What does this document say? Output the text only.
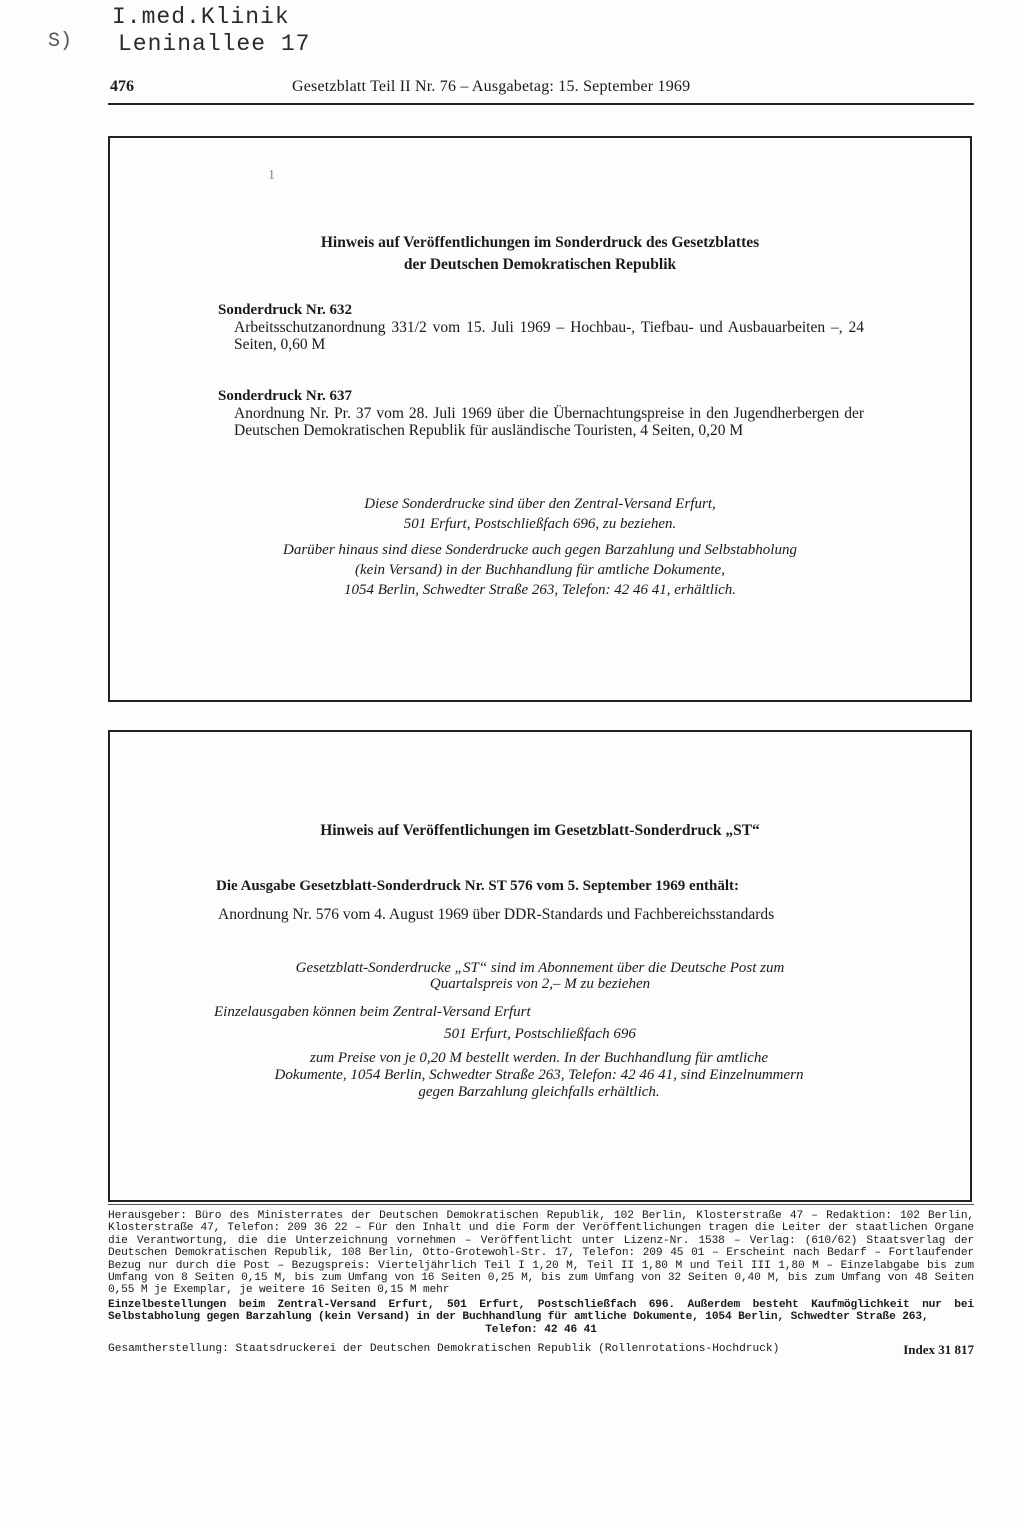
I.med.Klinik
Leninallee 17
S)
476	Gesetzblatt Teil II Nr. 76 – Ausgabetag: 15. September 1969
1
Hinweis auf Veröffentlichungen im Sonderdruck des Gesetzblattes
der Deutschen Demokratischen Republik
Sonderdruck Nr. 632
Arbeitsschutzanordnung 331/2 vom 15. Juli 1969 – Hochbau-, Tiefbau- und Ausbauarbeiten –, 24 Seiten, 0,60 M
Sonderdruck Nr. 637
Anordnung Nr. Pr. 37 vom 28. Juli 1969 über die Übernachtungspreise in den Jugendherbergen der Deutschen Demokratischen Republik für ausländische Touristen, 4 Seiten, 0,20 M
Diese Sonderdrucke sind über den Zentral-Versand Erfurt,
501 Erfurt, Postschließfach 696, zu beziehen.
Darüber hinaus sind diese Sonderdrucke auch gegen Barzahlung und Selbstabholung
(kein Versand) in der Buchhandlung für amtliche Dokumente,
1054 Berlin, Schwedter Straße 263, Telefon: 42 46 41, erhältlich.
Hinweis auf Veröffentlichungen im Gesetzblatt-Sonderdruck „ST“
Die Ausgabe Gesetzblatt-Sonderdruck Nr. ST 576 vom 5. September 1969 enthält:
Anordnung Nr. 576 vom 4. August 1969 über DDR-Standards und Fachbereichsstandards
Gesetzblatt-Sonderdrucke „ST“ sind im Abonnement über die Deutsche Post zum
Quartalspreis von 2,– M zu beziehen
Einzelausgaben können beim Zentral-Versand Erfurt
501 Erfurt, Postschließfach 696
zum Preise von je 0,20 M bestellt werden. In der Buchhandlung für amtliche
Dokumente, 1054 Berlin, Schwedter Straße 263, Telefon: 42 46 41, sind Einzelnummern
gegen Barzahlung gleichfalls erhältlich.

Herausgeber: Büro des Ministerrates der Deutschen Demokratischen Republik, 102 Berlin, Klosterstraße 47 – Redaktion: 102 Berlin, Klosterstraße 47, Telefon: 209 36 22 – Für den Inhalt und die Form der Veröffentlichungen tragen die Leiter der staatlichen Organe die Verantwortung, die die Unterzeichnung vornehmen – Veröffentlicht unter Lizenz-Nr. 1538 – Verlag: (610/62) Staatsverlag der Deutschen Demokratischen Republik, 108 Berlin, Otto-Grotewohl-Str. 17, Telefon: 209 45 01 – Erscheint nach Bedarf – Fortlaufender Bezug nur durch die Post – Bezugspreis: Vierteljährlich Teil I 1,20 M, Teil II 1,80 M und Teil III 1,80 M – Einzelabgabe bis zum Umfang von 8 Seiten 0,15 M, bis zum Umfang von 16 Seiten 0,25 M, bis zum Umfang von 32 Seiten 0,40 M, bis zum Umfang von 48 Seiten 0,55 M je Exemplar, je weitere 16 Seiten 0,15 M mehr

Einzelbestellungen beim Zentral-Versand Erfurt, 501 Erfurt, Postschließfach 696. Außerdem besteht Kaufmöglichkeit nur bei Selbstabholung gegen Barzahlung (kein Versand) in der Buchhandlung für amtliche Dokumente, 1054 Berlin, Schwedter Straße 263,

Telefon: 42 46 41

Gesamtherstellung: Staatsdruckerei der Deutschen Demokratischen Republik (Rollenrotations-Hochdruck)	Index 31 817
